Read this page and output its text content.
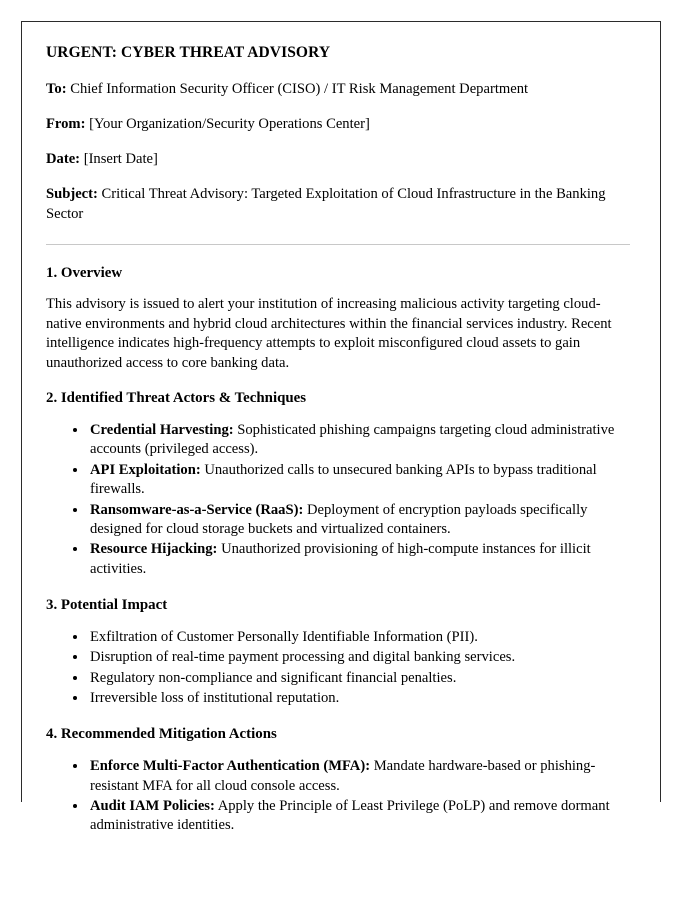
URGENT: CYBER THREAT ADVISORY

To: Chief Information Security Officer (CISO) / IT Risk Management Department

From: [Your Organization/Security Operations Center]

Date: [Insert Date]

Subject: Critical Threat Advisory: Targeted Exploitation of Cloud Infrastructure in the Banking Sector

1. Overview

This advisory is issued to alert your institution of increasing malicious activity targeting cloud-native environments and hybrid cloud architectures within the financial services industry. Recent intelligence indicates high-frequency attempts to exploit misconfigured cloud assets to gain unauthorized access to core banking data.

2. Identified Threat Actors & Techniques
• Credential Harvesting: Sophisticated phishing campaigns targeting cloud administrative accounts (privileged access).
• API Exploitation: Unauthorized calls to unsecured banking APIs to bypass traditional firewalls.
• Ransomware-as-a-Service (RaaS): Deployment of encryption payloads specifically designed for cloud storage buckets and virtualized containers.
• Resource Hijacking: Unauthorized provisioning of high-compute instances for illicit activities.
3. Potential Impact
• Exfiltration of Customer Personally Identifiable Information (PII).
• Disruption of real-time payment processing and digital banking services.
• Regulatory non-compliance and significant financial penalties.
• Irreversible loss of institutional reputation.
4. Recommended Mitigation Actions
• Enforce Multi-Factor Authentication (MFA): Mandate hardware-based or phishing-resistant MFA for all cloud console access.
• Audit IAM Policies: Apply the Principle of Least Privilege (PoLP) and remove dormant administrative identities.
